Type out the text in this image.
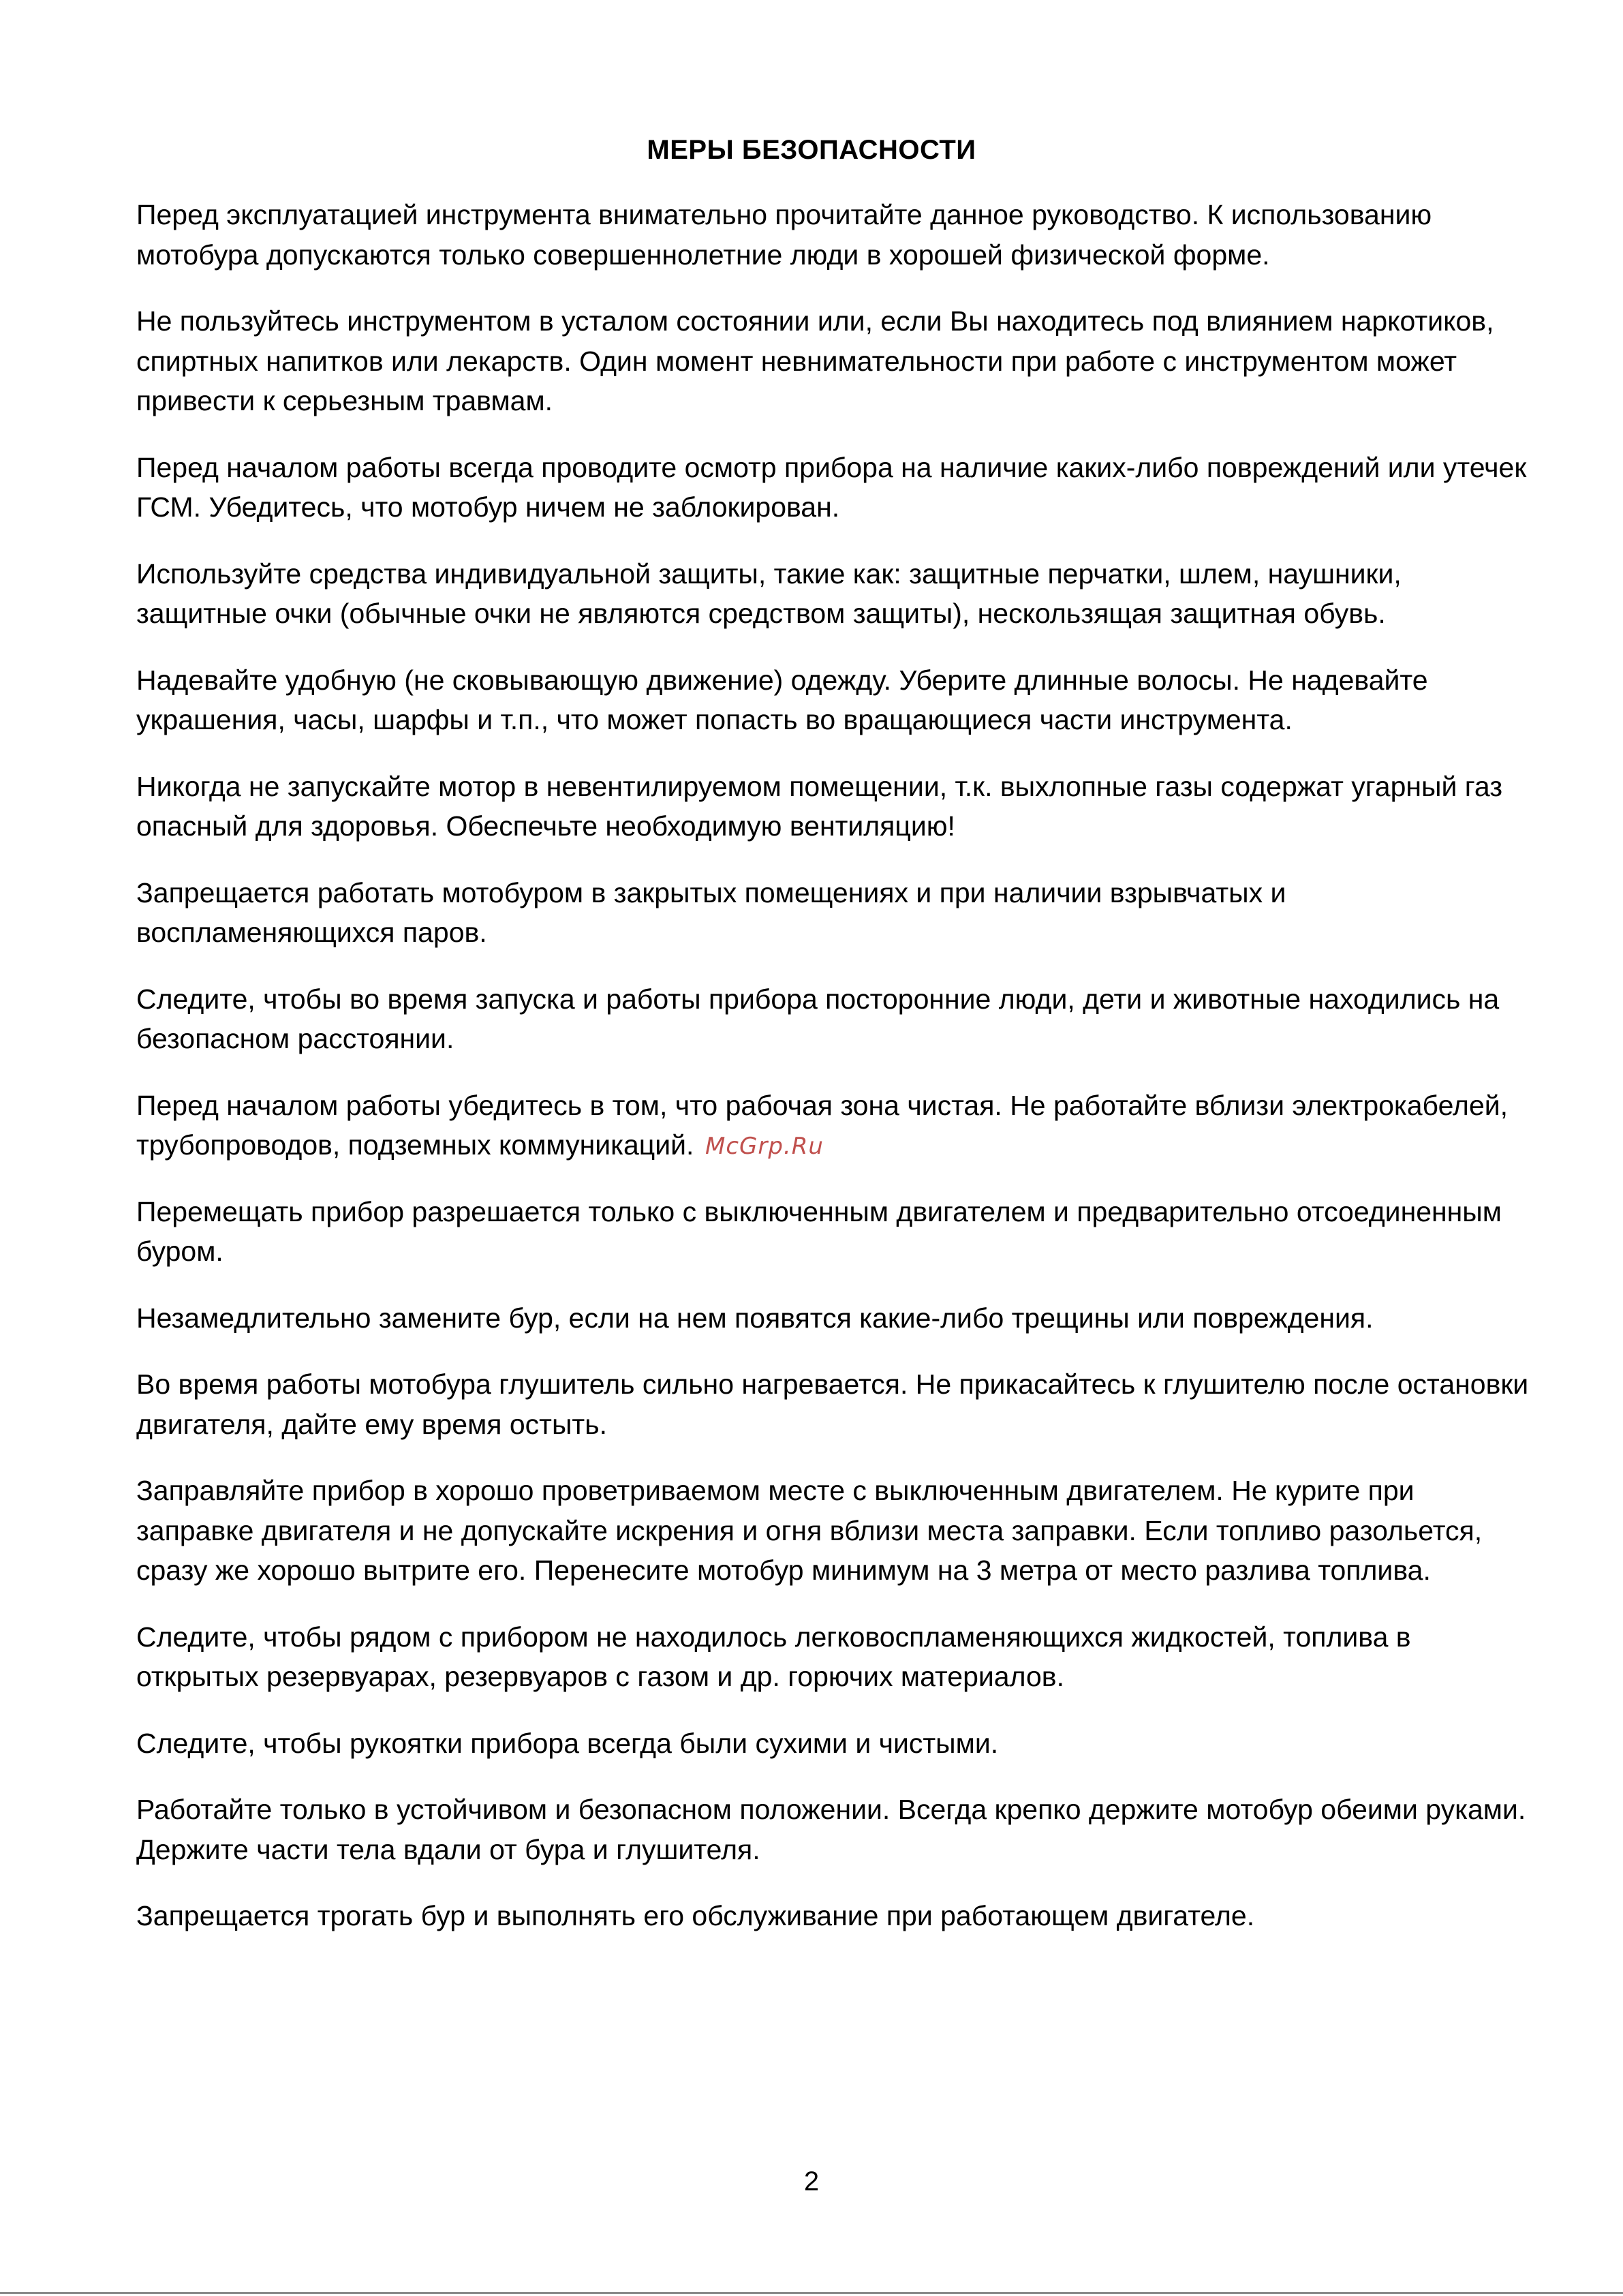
МЕРЫ БЕЗОПАСНОСТИ

Перед эксплуатацией инструмента внимательно прочитайте данное руководство. К использованию мотобура допускаются только совершеннолетние люди в хорошей физической форме.

Не пользуйтесь инструментом в усталом состоянии или, если Вы находитесь под влиянием наркотиков, спиртных напитков или лекарств. Один момент невнимательности при работе с инструментом может привести к серьезным травмам.

Перед началом работы всегда проводите осмотр прибора на наличие каких-либо повреждений или утечек ГСМ. Убедитесь, что мотобур ничем не заблокирован.

Используйте средства индивидуальной защиты, такие как: защитные перчатки, шлем, наушники, защитные очки (обычные очки не являются средством защиты), нескользящая защитная обувь.

Надевайте удобную (не сковывающую движение) одежду. Уберите длинные волосы. Не надевайте украшения, часы, шарфы и т.п., что может попасть во вращающиеся части инструмента.

Никогда не запускайте мотор в невентилируемом помещении, т.к. выхлопные газы содержат угарный газ опасный для здоровья. Обеспечьте необходимую вентиляцию!

Запрещается работать мотобуром в закрытых помещениях и при наличии взрывчатых и воспламеняющихся паров.

Следите, чтобы во время запуска и работы прибора посторонние люди, дети и животные находились на безопасном расстоянии.

Перед началом работы убедитесь в том, что рабочая зона чистая. Не работайте вблизи электрокабелей, трубопроводов, подземных коммуникаций.

Перемещать прибор разрешается только с выключенным двигателем и предварительно отсоединенным буром.

Незамедлительно замените бур, если на нем появятся какие-либо трещины или повреждения.

Во время работы мотобура глушитель сильно нагревается. Не прикасайтесь к глушителю после остановки двигателя, дайте ему время остыть.

Заправляйте прибор в хорошо проветриваемом месте с выключенным двигателем. Не курите при заправке двигателя и не допускайте искрения и огня вблизи места заправки. Если топливо разольется, сразу же хорошо вытрите его. Перенесите мотобур минимум на 3 метра от место разлива топлива.

Следите, чтобы рядом с прибором не находилось легковоспламеняющихся жидкостей, топлива в открытых резервуарах, резервуаров с газом и др. горючих материалов.

Следите, чтобы рукоятки прибора всегда были сухими и чистыми.

Работайте только в устойчивом и безопасном положении. Всегда крепко держите мотобур обеими руками. Держите части тела вдали от бура и глушителя.

Запрещается трогать бур и выполнять его обслуживание при работающем двигателе.

McGrp.Ru
2
